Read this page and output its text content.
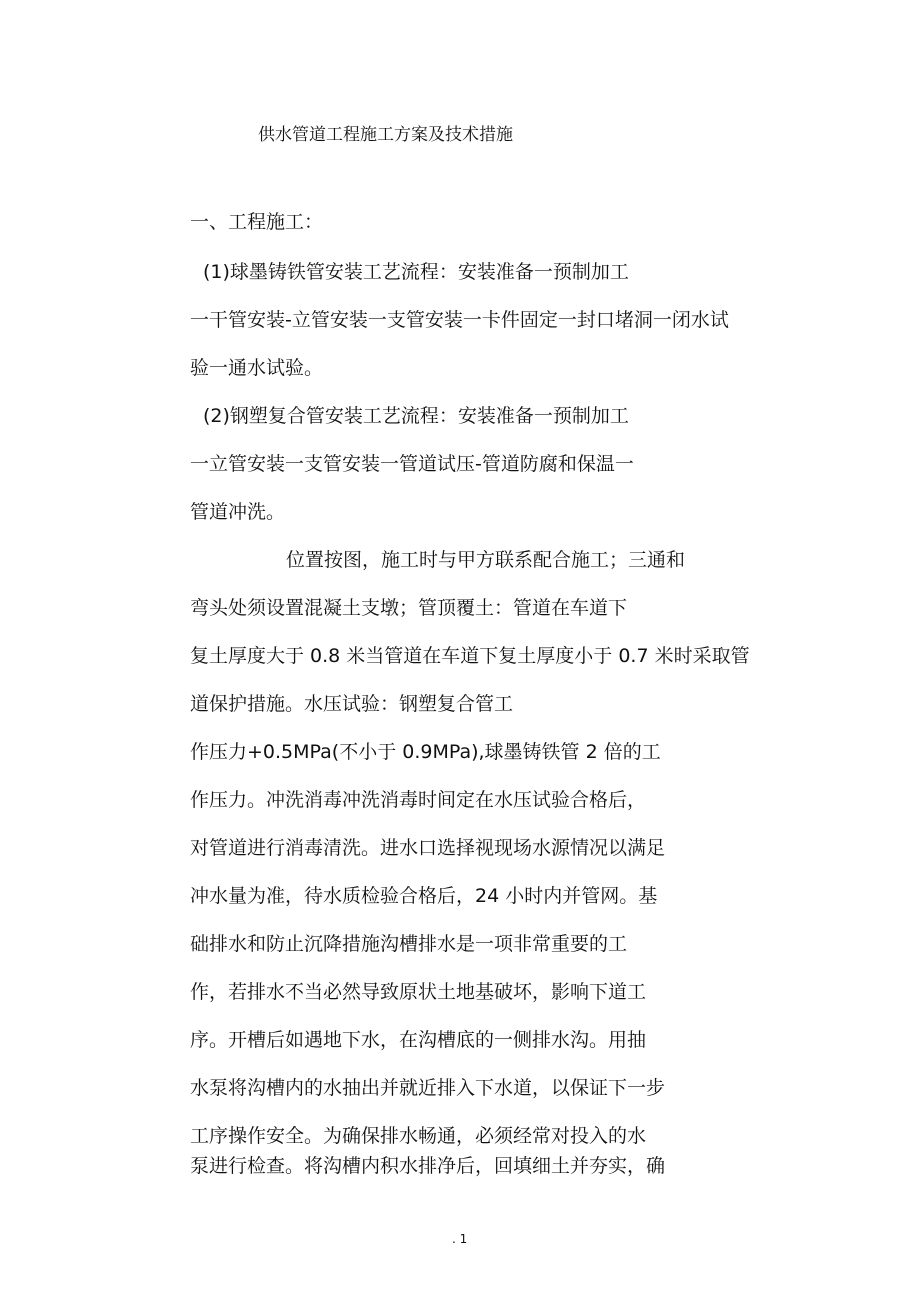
供水管道工程施工方案及技术措施
一、工程施工：
(1)球墨铸铁管安装工艺流程：安装准备一预制加工
一干管安装-立管安装一支管安装一卡件固定一封口堵洞一闭水试
验一通水试验。
(2)钢塑复合管安装工艺流程：安装准备一预制加工
一立管安装一支管安装一管道试压-管道防腐和保温一
管道冲洗。
位置按图，施工时与甲方联系配合施工；三通和
弯头处须设置混凝土支墩；管顶覆土：管道在车道下
复土厚度大于 0.8 米当管道在车道下复土厚度小于 0.7 米时采取管
道保护措施。水压试验：钢塑复合管工
作压力+0.5MPa(不小于 0.9MPa),球墨铸铁管 2 倍的工
作压力。冲洗消毒冲洗消毒时间定在水压试验合格后，
对管道进行消毒清洗。进水口选择视现场水源情况以满足
冲水量为准，待水质检验合格后，24 小时内并管网。基
础排水和防止沉降措施沟槽排水是一项非常重要的工
作，若排水不当必然导致原状土地基破坏，影响下道工
序。开槽后如遇地下水，在沟槽底的一侧排水沟。用抽
水泵将沟槽内的水抽出并就近排入下水道，以保证下一步
工序操作安全。为确保排水畅通，必须经常对投入的水
泵进行检查。将沟槽内积水排净后，回填细土并夯实，确
. 1
